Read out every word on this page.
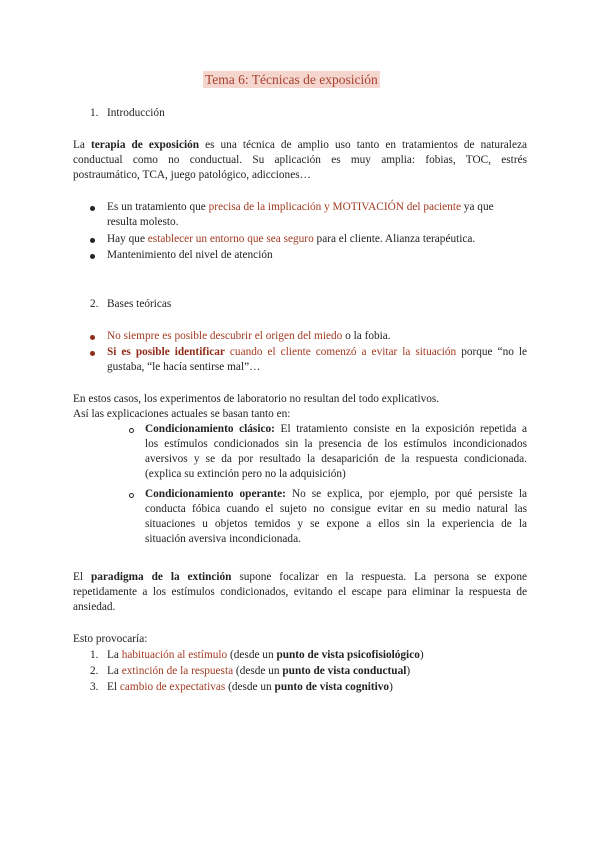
Tema 6: Técnicas de exposición
1. Introducción
La terapia de exposición es una técnica de amplio uso tanto en tratamientos de naturaleza
conductual como no conductual. Su aplicación es muy amplia: fobias, TOC, estrés
postraumático, TCA, juego patológico, adicciones…
Es un tratamiento que precisa de la implicación y MOTIVACIÓN del paciente ya que
resulta molesto.
Hay que establecer un entorno que sea seguro para el cliente. Alianza terapéutica.
Mantenimiento del nivel de atención
2. Bases teóricas
No siempre es posible descubrir el origen del miedo o la fobia.
Si es posible identificar cuando el cliente comenzó a evitar la situación porque “no le
gustaba, “le hacía sentirse mal”…
En estos casos, los experimentos de laboratorio no resultan del todo explicativos.
Así las explicaciones actuales se basan tanto en:
Condicionamiento clásico: El tratamiento consiste en la exposición repetida a
los estímulos condicionados sin la presencia de los estímulos incondicionados
aversivos y se da por resultado la desaparición de la respuesta condicionada.
(explica su extinción pero no la adquisición)
Condicionamiento operante: No se explica, por ejemplo, por qué persiste la
conducta fóbica cuando el sujeto no consigue evitar en su medio natural las
situaciones u objetos temidos y se expone a ellos sin la experiencia de la
situación aversiva incondicionada.
El paradigma de la extinción supone focalizar en la respuesta. La persona se expone
repetidamente a los estímulos condicionados, evitando el escape para eliminar la respuesta de
ansiedad.
Esto provocaría:
1. La habituación al estímulo (desde un punto de vista psicofisiológico)
2. La extinción de la respuesta (desde un punto de vista conductual)
3. El cambio de expectativas (desde un punto de vista cognitivo)
